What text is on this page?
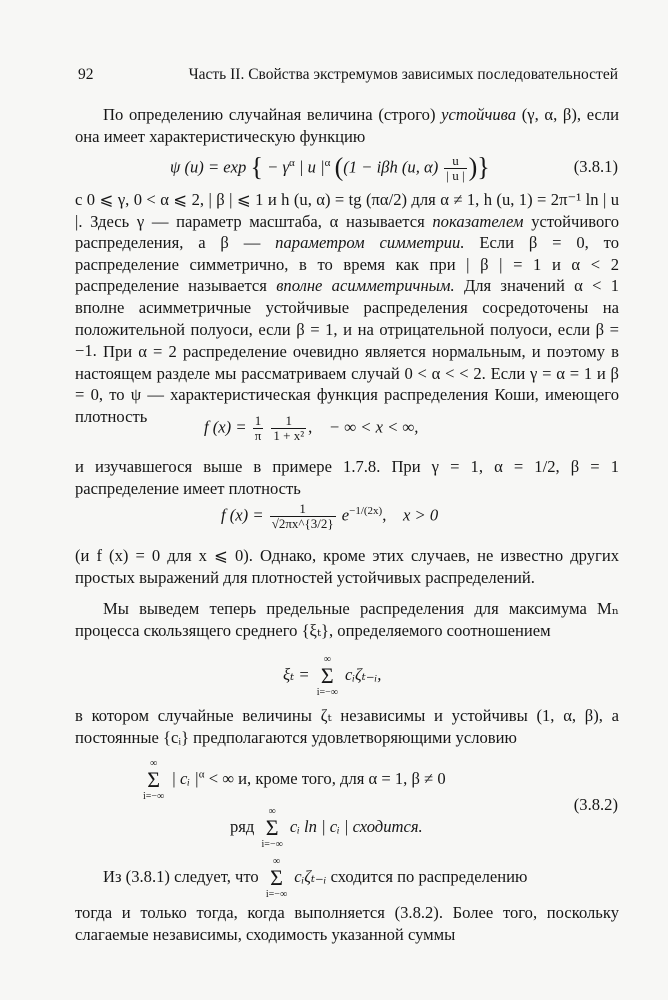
92	Часть II. Свойства экстремумов зависимых последовательностей
По определению случайная величина (строго) устойчива (γ, α, β), если она имеет характеристическую функцию
ψ (u) = exp { − $\gamma^\alpha$ | u $|^\alpha$ ((1 − iβh (u, $\alpha) \frac{u}{| u |}$ )}	(3.8.1)
с 0 ⩽ γ, 0 < α ⩽ 2, | β | ⩽ 1 и h (u, α) = tg (πα/2) для α ≠ 1, h (u, 1) = 2π⁻¹ ln | u |. Здесь γ — параметр масштаба, α называется показателем устойчивого распределения, а β — параметром симметрии. Если β = 0, то распределение симметрично, в то время как при | β | = 1 и α < 2 распределение называется вполне асимметричным. Для значений α < 1 вполне асимметричные устойчивые распределения сосредоточены на положительной полуоси, если β = 1, и на отрицательной полуоси, если β = −1. При α = 2 распределение очевидно является нормальным, и поэтому в настоящем разделе мы рассматриваем случай 0 < α < < 2. Если γ = α = 1 и β = 0, то ψ — характеристическая функция распределения Коши, имеющего плотность
f $(x) = \frac{1}{\pi}$
$\frac{1}{\text{1 + x²}}$ ,    − ∞ < x < ∞,
и изучавшегося выше в примере 1.7.8. При γ = 1, α = 1/2, β = 1 распределение имеет плотность
f $(x) = \frac{1}{√2\pi x\^{}\{3/2\}} e^{-1/(2x)}$,    x > 0
(и f (x) = 0 для x ⩽ 0). Однако, кроме этих случаев, не известно других простых выражений для плотностей устойчивых распределений.
Мы выведем теперь предельные распределения для максимума Mₙ процесса скользящего среднего {ξₜ}, определяемого соотношением
ξₜ = ∞
Σ
i=−∞ cᵢζₜ₋ᵢ,
в котором случайные величины ζₜ независимы и устойчивы (1, α, β), а постоянные {cᵢ} предполагаются удовлетворяющими условию
∞
Σ
i=−∞ | cᵢ $|^\alpha$ < ∞ и, кроме того, для α = 1, β ≠ 0
(3.8.2)
ряд ∞
Σ
i=−∞ cᵢ ln | cᵢ | сходится.
Из (3.8.1) следует, что ∞
Σ
i=−∞ cᵢζₜ₋ᵢ сходится по распределению
тогда и только тогда, когда выполняется (3.8.2). Более того, поскольку слагаемые независимы, сходимость указанной суммы
